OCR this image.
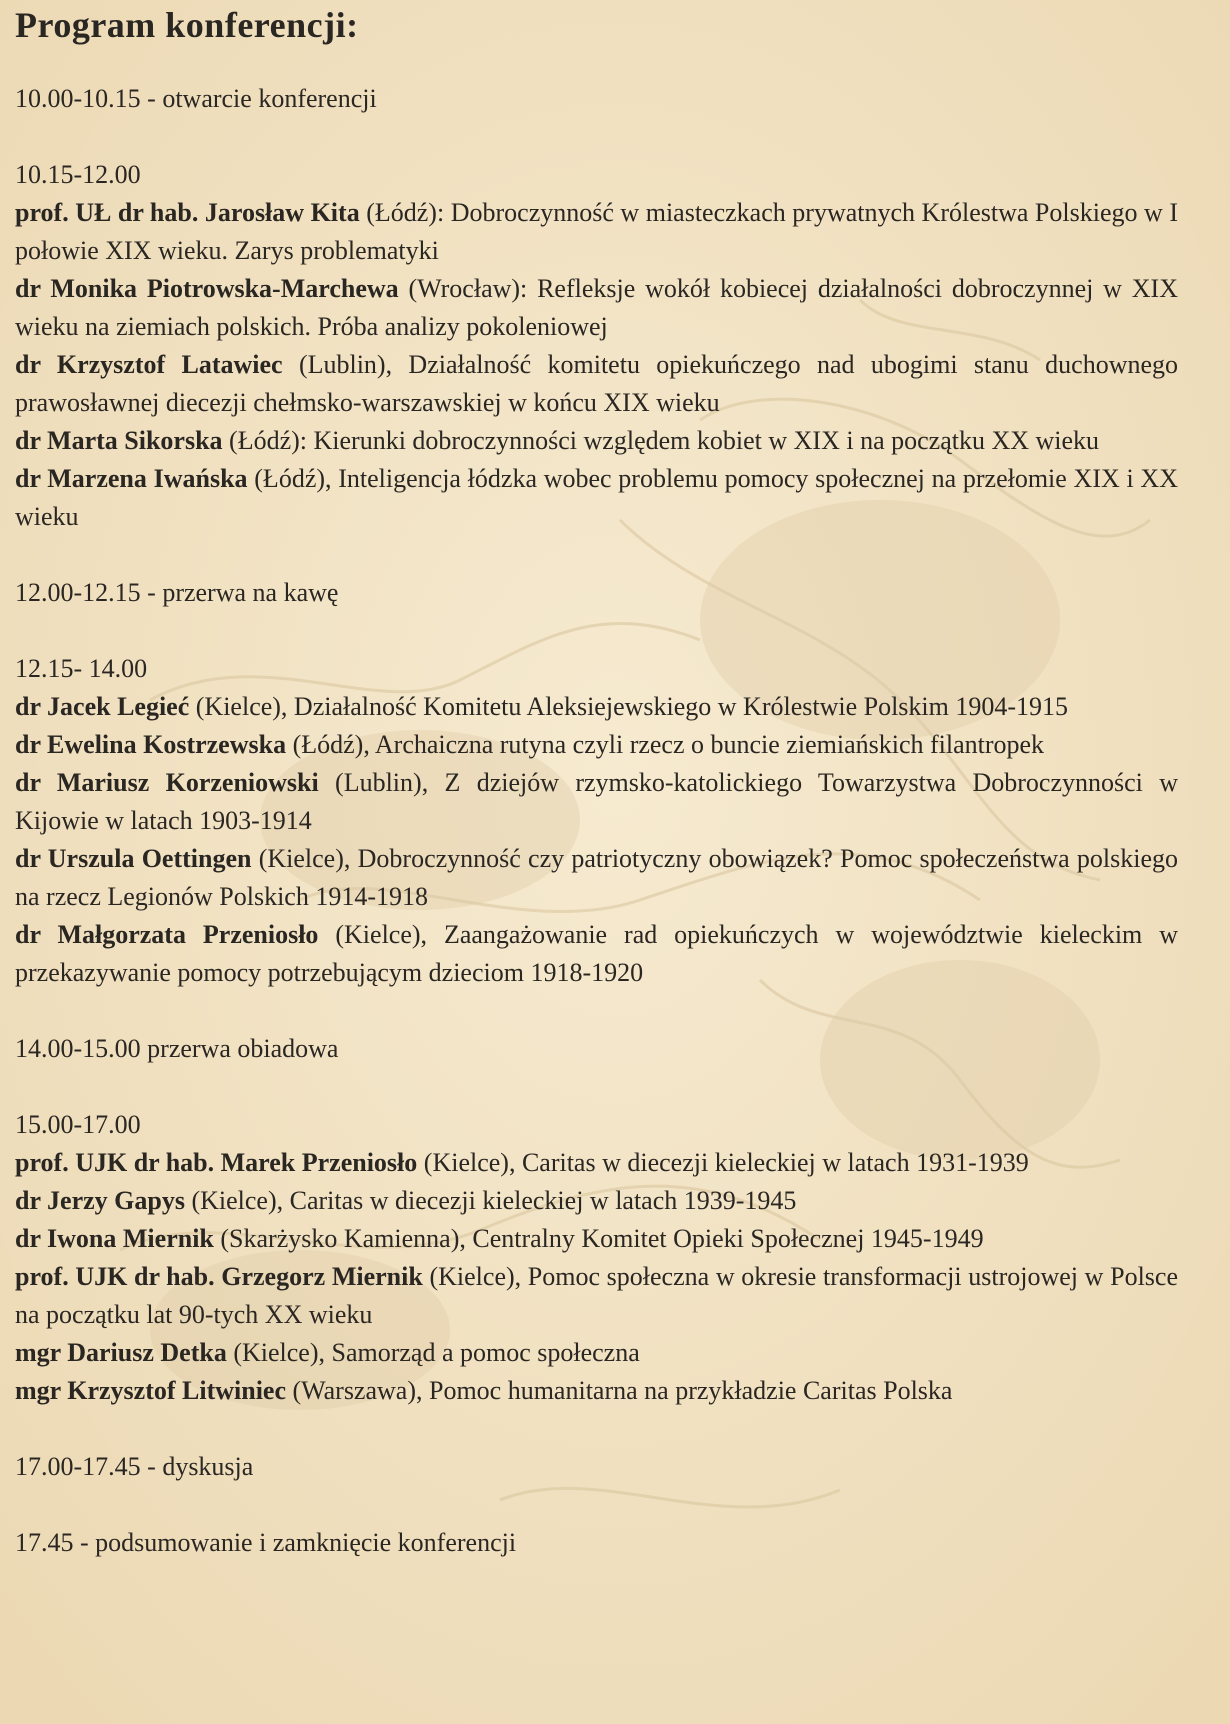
Program konferencji:
10.00-10.15 - otwarcie konferencji
10.15-12.00
prof. UŁ dr hab. Jarosław Kita (Łódź): Dobroczynność w miasteczkach prywatnych Królestwa Polskiego w I połowie XIX wieku. Zarys problematyki
dr Monika Piotrowska-Marchewa (Wrocław): Refleksje wokół kobiecej działalności dobroczynnej w XIX wieku na ziemiach polskich. Próba analizy pokoleniowej
dr Krzysztof Latawiec (Lublin), Działalność komitetu opiekuńczego nad ubogimi stanu duchownego prawosławnej diecezji chełmsko-warszawskiej w końcu XIX wieku
dr Marta Sikorska (Łódź): Kierunki dobroczynności względem kobiet w XIX i na początku XX wieku
dr Marzena Iwańska (Łódź), Inteligencja łódzka wobec problemu pomocy społecznej na przełomie XIX i XX wieku
12.00-12.15 - przerwa na kawę
12.15- 14.00
dr Jacek Legieć (Kielce), Działalność Komitetu Aleksiejewskiego w Królestwie Polskim 1904-1915
dr Ewelina Kostrzewska (Łódź), Archaiczna rutyna czyli rzecz o buncie ziemiańskich filantropek
dr Mariusz Korzeniowski (Lublin), Z dziejów rzymsko-katolickiego Towarzystwa Dobroczynności w Kijowie w latach 1903-1914
dr Urszula Oettingen (Kielce), Dobroczynność czy patriotyczny obowiązek? Pomoc społeczeństwa polskiego na rzecz Legionów Polskich 1914-1918
dr Małgorzata Przeniosło (Kielce), Zaangażowanie rad opiekuńczych w województwie kieleckim w przekazywanie pomocy potrzebującym dzieciom 1918-1920
14.00-15.00 przerwa obiadowa
15.00-17.00
prof. UJK dr hab. Marek Przeniosło (Kielce), Caritas w diecezji kieleckiej w latach 1931-1939
dr Jerzy Gapys (Kielce), Caritas w diecezji kieleckiej w latach 1939-1945
dr Iwona Miernik (Skarżysko Kamienna), Centralny Komitet Opieki Społecznej 1945-1949
prof. UJK dr hab. Grzegorz Miernik (Kielce), Pomoc społeczna w okresie transformacji ustrojowej w Polsce na początku lat 90-tych XX wieku
mgr Dariusz Detka (Kielce), Samorząd a pomoc społeczna
mgr Krzysztof Litwiniec (Warszawa), Pomoc humanitarna na przykładzie Caritas Polska
17.00-17.45 - dyskusja
17.45 - podsumowanie i zamknięcie konferencji
